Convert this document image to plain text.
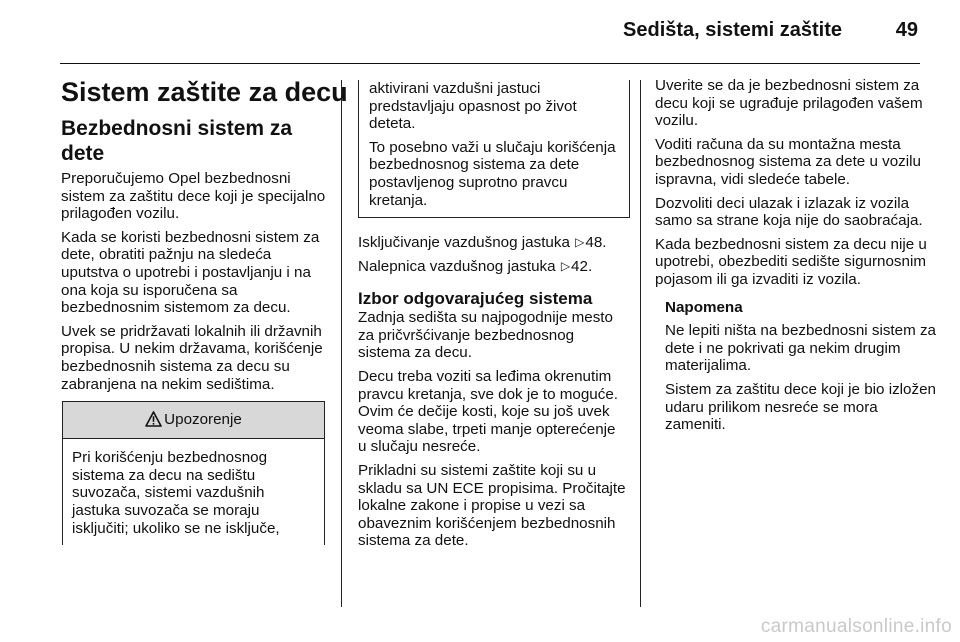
Sedišta, sistemi zaštite	49
Sistem zaštite za decu
Bezbednosni sistem za dete

Preporučujemo Opel bezbednosni sistem za zaštitu dece koji je specijalno prilagođen vozilu.

Kada se koristi bezbednosni sistem za dete, obratiti pažnju na sledeća uputstva o upotrebi i postavljanju i na ona koja su isporučena sa bezbednosnim sistemom za decu.

Uvek se pridržavati lokalnih ili državnih propisa. U nekim državama, korišćenje bezbednosnih sistema za decu su zabranjena na nekim sedištima.

Upozorenje
Pri korišćenju bezbednosnog sistema za decu na sedištu suvozača, sistemi vazdušnih jastuka suvozača se moraju isključiti; ukoliko se ne isključe,

aktivirani vazdušni jastuci predstavljaju opasnost po život deteta.

To posebno važi u slučaju korišćenja bezbednosnog sistema za dete postavljenog suprotno pravcu kretanja.

Isključivanje vazdušnog jastuka ▷48.

Nalepnica vazdušnog jastuka ▷42.

Izbor odgovarajućeg sistema

Zadnja sedišta su najpogodnije mesto za pričvršćivanje bezbednosnog sistema za decu.

Decu treba voziti sa leđima okrenutim pravcu kretanja, sve dok je to moguće. Ovim će dečije kosti, koje su još uvek veoma slabe, trpeti manje opterećenje u slučaju nesreće.

Prikladni su sistemi zaštite koji su u skladu sa UN ECE propisima. Pročitajte lokalne zakone i propise u vezi sa obaveznim korišćenjem bezbednosnih sistema za dete.

Uverite se da je bezbednosni sistem za decu koji se ugrađuje prilagođen vašem vozilu.

Voditi računa da su montažna mesta bezbednosnog sistema za dete u vozilu ispravna, vidi sledeće tabele.

Dozvoliti deci ulazak i izlazak iz vozila samo sa strane koja nije do saobraćaja.

Kada bezbednosni sistem za decu nije u upotrebi, obezbediti sedište sigurnosnim pojasom ili ga izvaditi iz vozila.

Napomena

Ne lepiti ništa na bezbednosni sistem za dete i ne pokrivati ga nekim drugim materijalima.

Sistem za zaštitu dece koji je bio izložen udaru prilikom nesreće se mora zameniti.

carmanualsonline.info
